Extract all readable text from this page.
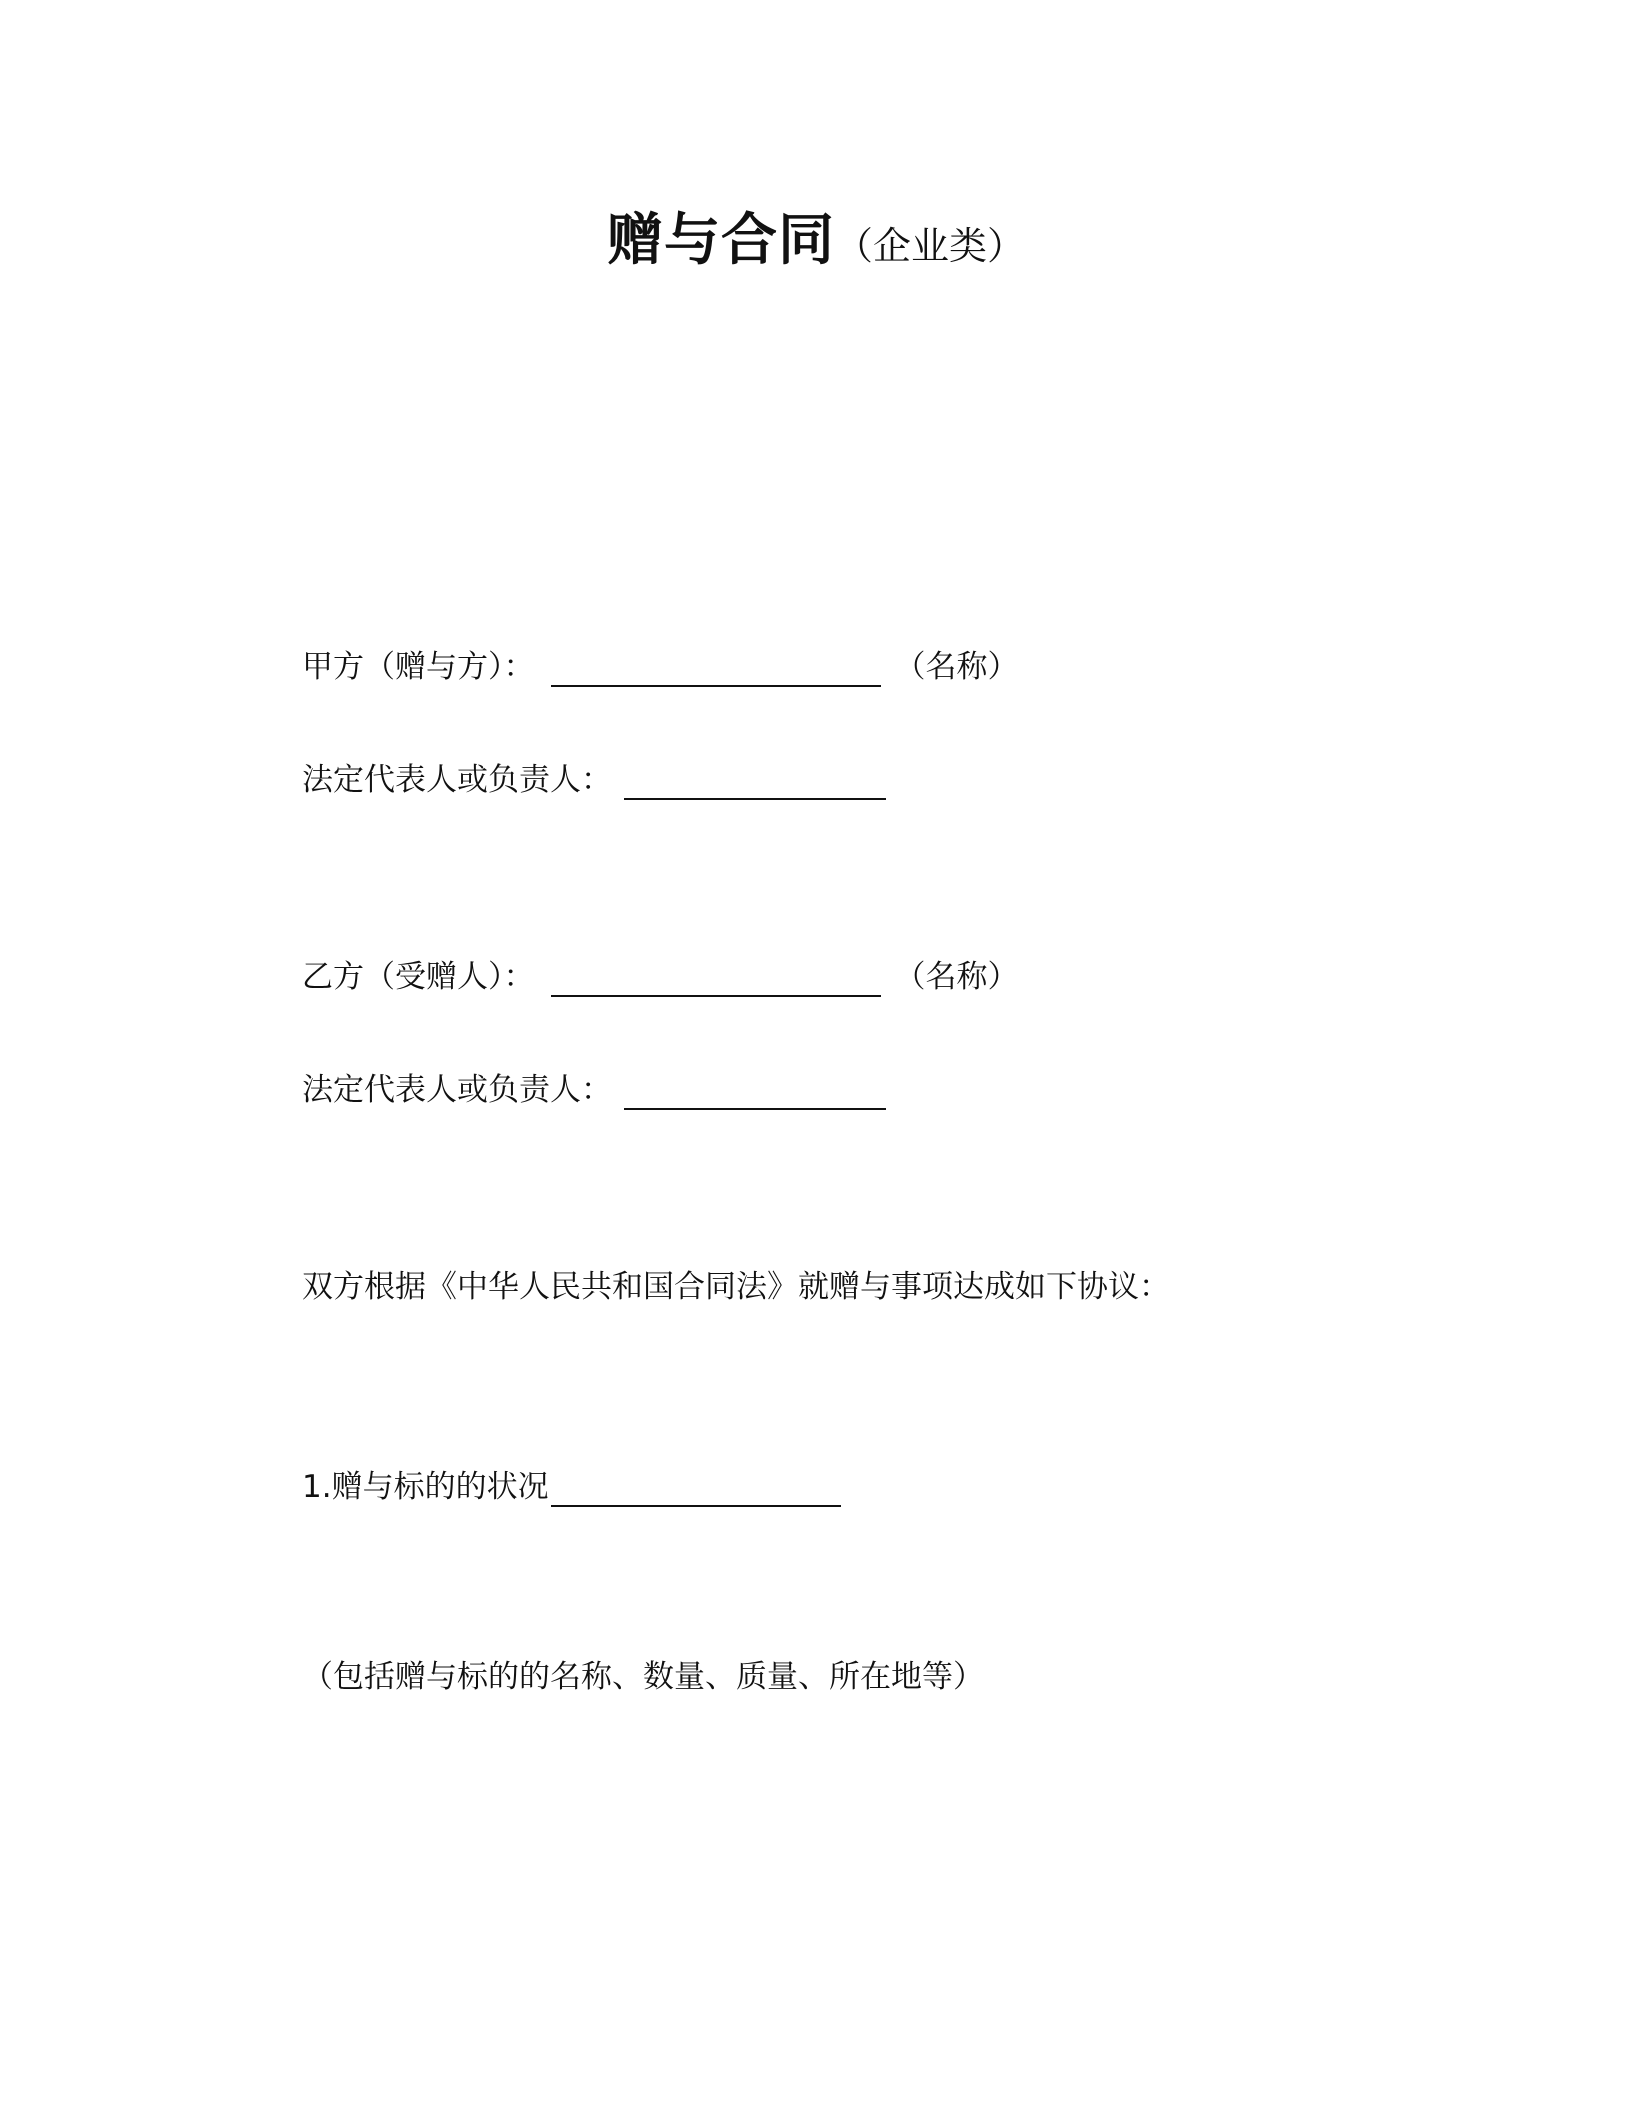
赠与合同（企业类）
甲方（赠与方）：	（名称）
法定代表人或负责人：
乙方（受赠人）：	（名称）
法定代表人或负责人：
双方根据《中华人民共和国合同法》就赠与事项达成如下协议：
1.赠与标的的状况
（包括赠与标的的名称、数量、质量、所在地等）
